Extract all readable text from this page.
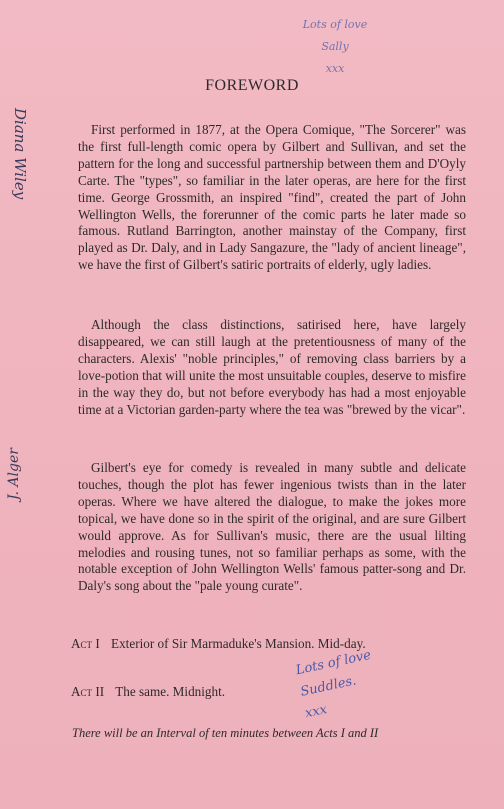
Lots of love
Sally
xxx
Diana Wiley
J. Alger
FOREWORD

First performed in 1877, at the Opera Comique, "The Sorcerer" was the first full-length comic opera by Gilbert and Sullivan, and set the pattern for the long and successful partnership between them and D'Oyly Carte. The "types", so familiar in the later operas, are here for the first time. George Grossmith, an inspired "find", created the part of John Wellington Wells, the forerunner of the comic parts he later made so famous. Rutland Barrington, another mainstay of the Company, first played as Dr. Daly, and in Lady Sangazure, the "lady of ancient lineage", we have the first of Gilbert's satiric portraits of elderly, ugly ladies.

Although the class distinctions, satirised here, have largely disappeared, we can still laugh at the pretentiousness of many of the characters. Alexis' "noble principles," of removing class barriers by a love-potion that will unite the most unsuitable couples, deserve to misfire in the way they do, but not before everybody has had a most enjoyable time at a Victorian garden-party where the tea was "brewed by the vicar".

Gilbert's eye for comedy is revealed in many subtle and delicate touches, though the plot has fewer ingenious twists than in the later operas. Where we have altered the dialogue, to make the jokes more topical, we have done so in the spirit of the original, and are sure Gilbert would approve. As for Sullivan's music, there are the usual lilting melodies and rousing tunes, not so familiar perhaps as some, with the notable exception of John Wellington Wells' famous patter-song and Dr. Daly's song about the "pale young curate".

Act I Exterior of Sir Marmaduke's Mansion. Mid-day.
Act II The same. Midnight.
Lots of love
Suddles.
xxx
There will be an Interval of ten minutes between Acts I and II
